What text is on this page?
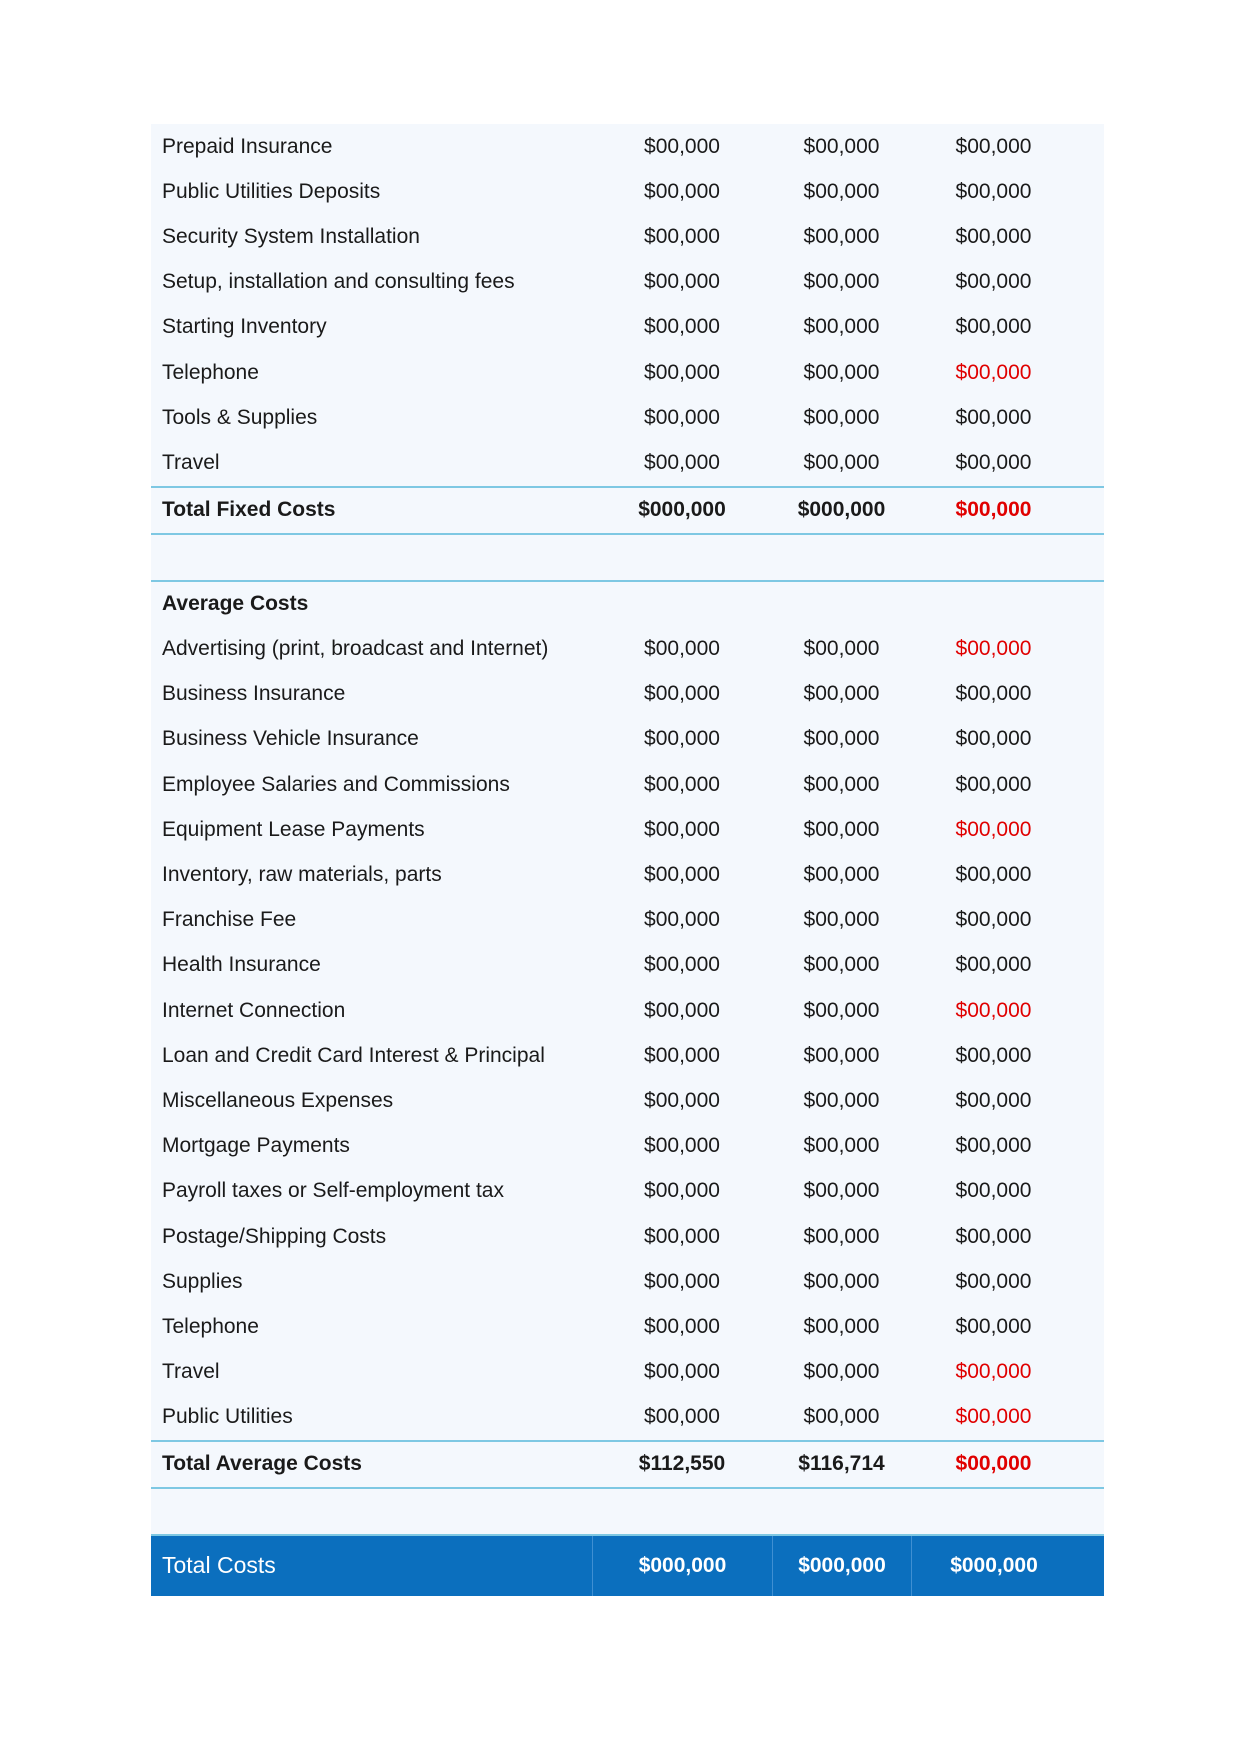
Prepaid Insurance	$00,000	$00,000	$00,000
Public Utilities Deposits	$00,000	$00,000	$00,000
Security System Installation	$00,000	$00,000	$00,000
Setup, installation and consulting fees	$00,000	$00,000	$00,000
Starting Inventory	$00,000	$00,000	$00,000
Telephone	$00,000	$00,000	$00,000
Tools & Supplies	$00,000	$00,000	$00,000
Travel	$00,000	$00,000	$00,000
Total Fixed Costs	$000,000	$000,000	$00,000
Average Costs
Advertising (print, broadcast and Internet)	$00,000	$00,000	$00,000
Business Insurance	$00,000	$00,000	$00,000
Business Vehicle Insurance	$00,000	$00,000	$00,000
Employee Salaries and Commissions	$00,000	$00,000	$00,000
Equipment Lease Payments	$00,000	$00,000	$00,000
Inventory, raw materials, parts	$00,000	$00,000	$00,000
Franchise Fee	$00,000	$00,000	$00,000
Health Insurance	$00,000	$00,000	$00,000
Internet Connection	$00,000	$00,000	$00,000
Loan and Credit Card Interest & Principal	$00,000	$00,000	$00,000
Miscellaneous Expenses	$00,000	$00,000	$00,000
Mortgage Payments	$00,000	$00,000	$00,000
Payroll taxes or Self-employment tax	$00,000	$00,000	$00,000
Postage/Shipping Costs	$00,000	$00,000	$00,000
Supplies	$00,000	$00,000	$00,000
Telephone	$00,000	$00,000	$00,000
Travel	$00,000	$00,000	$00,000
Public Utilities	$00,000	$00,000	$00,000
Total Average Costs	$112,550	$116,714	$00,000
Total Costs	$000,000	$000,000	$000,000
